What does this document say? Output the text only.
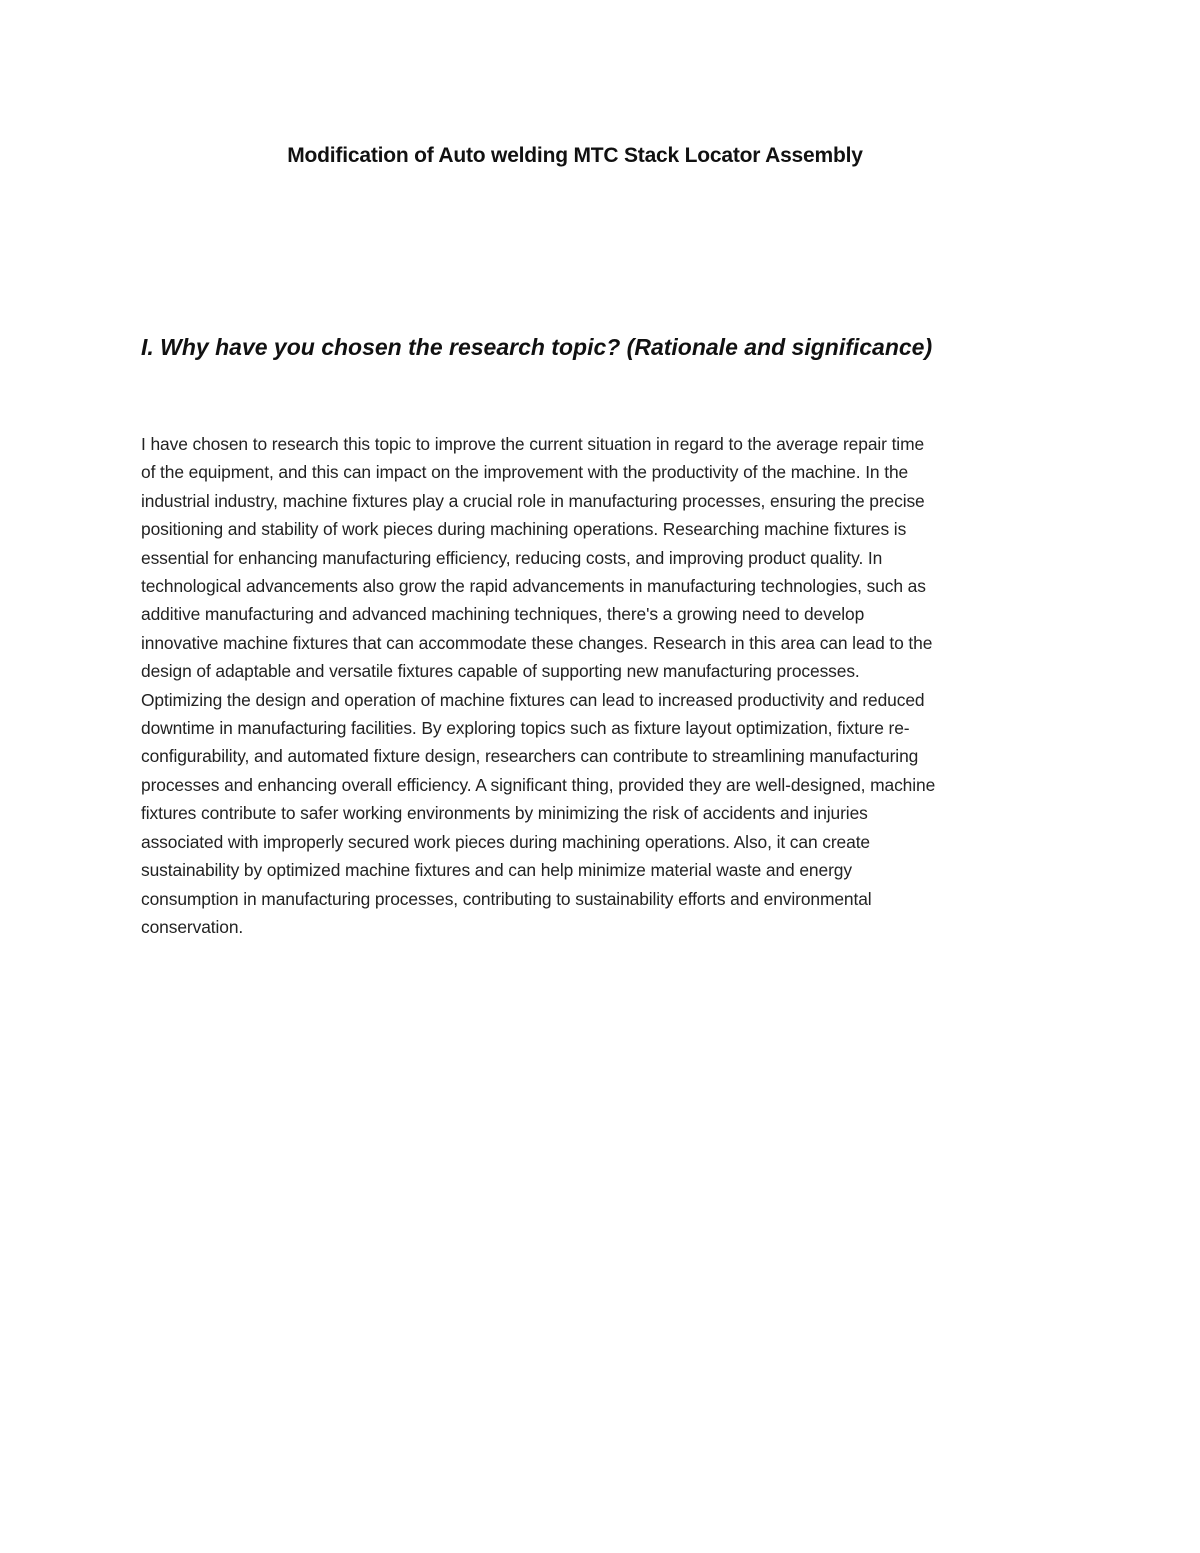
Modification of Auto welding MTC Stack Locator Assembly
I. Why have you chosen the research topic? (Rationale and significance)
I have chosen to research this topic to improve the current situation in regard to the average repair time
of the equipment, and this can impact on the improvement with the productivity of the machine. In the
industrial industry, machine fixtures play a crucial role in manufacturing processes, ensuring the precise
positioning and stability of work pieces during machining operations. Researching machine fixtures is
essential for enhancing manufacturing efficiency, reducing costs, and improving product quality. In
technological advancements also grow the rapid advancements in manufacturing technologies, such as
additive manufacturing and advanced machining techniques, there's a growing need to develop
innovative machine fixtures that can accommodate these changes. Research in this area can lead to the
design of adaptable and versatile fixtures capable of supporting new manufacturing processes.
Optimizing the design and operation of machine fixtures can lead to increased productivity and reduced
downtime in manufacturing facilities. By exploring topics such as fixture layout optimization, fixture re-
configurability, and automated fixture design, researchers can contribute to streamlining manufacturing
processes and enhancing overall efficiency. A significant thing, provided they are well-designed, machine
fixtures contribute to safer working environments by minimizing the risk of accidents and injuries
associated with improperly secured work pieces during machining operations. Also, it can create
sustainability by optimized machine fixtures and can help minimize material waste and energy
consumption in manufacturing processes, contributing to sustainability efforts and environmental
conservation.
